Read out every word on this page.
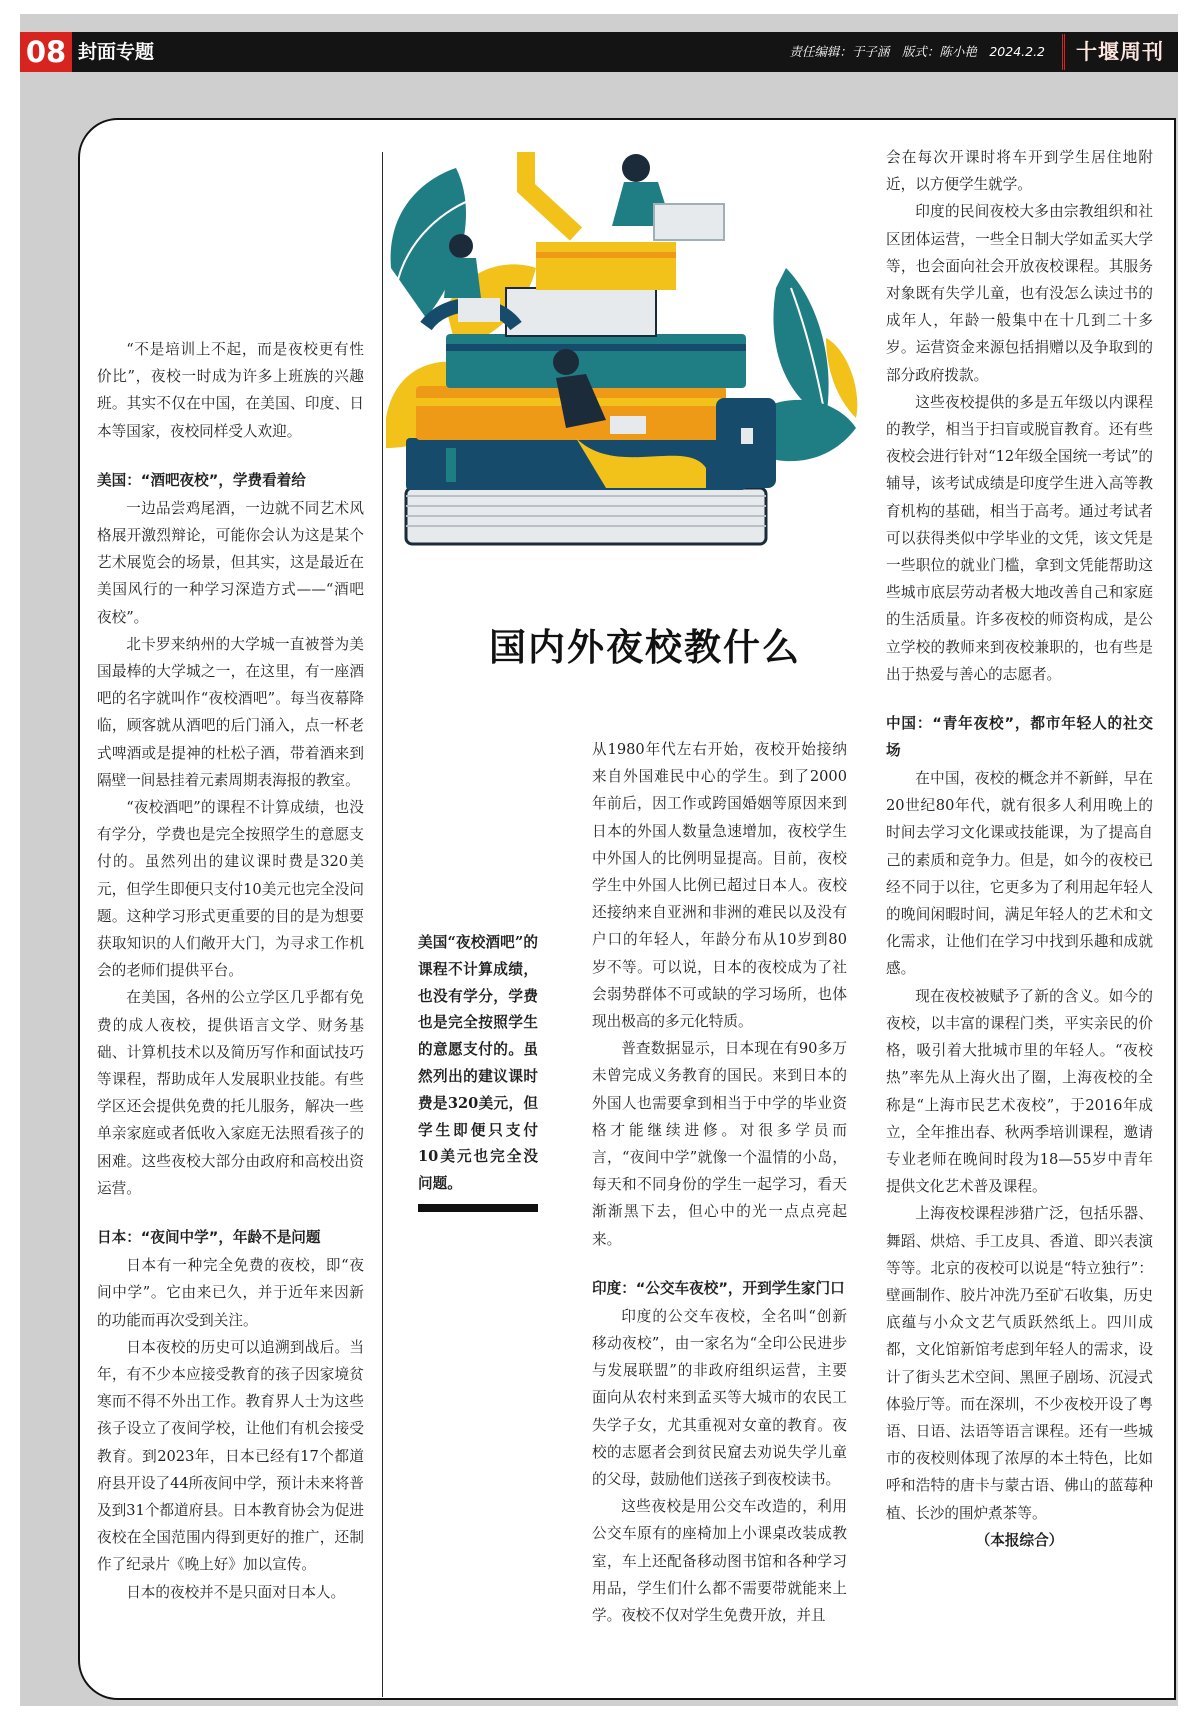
08 封面专题	责任编辑：于子涵　版式：陈小艳　2024.2.2	十堰周刊

“不是培训上不起，而是夜校更有性价比”，夜校一时成为许多上班族的兴趣班。其实不仅在中国，在美国、印度、日本等国家，夜校同样受人欢迎。

美国：“酒吧夜校”，学费看着给

一边品尝鸡尾酒，一边就不同艺术风格展开激烈辩论，可能你会认为这是某个艺术展览会的场景，但其实，这是最近在美国风行的一种学习深造方式——“酒吧夜校”。

北卡罗来纳州的大学城一直被誉为美国最棒的大学城之一，在这里，有一座酒吧的名字就叫作“夜校酒吧”。每当夜幕降临，顾客就从酒吧的后门涌入，点一杯老式啤酒或是提神的杜松子酒，带着酒来到隔壁一间悬挂着元素周期表海报的教室。

“夜校酒吧”的课程不计算成绩，也没有学分，学费也是完全按照学生的意愿支付的。虽然列出的建议课时费是320美元，但学生即便只支付10美元也完全没问题。这种学习形式更重要的目的是为想要获取知识的人们敞开大门，为寻求工作机会的老师们提供平台。

在美国，各州的公立学区几乎都有免费的成人夜校，提供语言文学、财务基础、计算机技术以及简历写作和面试技巧等课程，帮助成年人发展职业技能。有些学区还会提供免费的托儿服务，解决一些单亲家庭或者低收入家庭无法照看孩子的困难。这些夜校大部分由政府和高校出资运营。

日本：“夜间中学”，年龄不是问题

日本有一种完全免费的夜校，即“夜间中学”。它由来已久，并于近年来因新的功能而再次受到关注。

日本夜校的历史可以追溯到战后。当年，有不少本应接受教育的孩子因家境贫寒而不得不外出工作。教育界人士为这些孩子设立了夜间学校，让他们有机会接受教育。到2023年，日本已经有17个都道府县开设了44所夜间中学，预计未来将普及到31个都道府县。日本教育协会为促进夜校在全国范围内得到更好的推广，还制作了纪录片《晚上好》加以宣传。

日本的夜校并不是只面对日本人。

国内外夜校教什么
美国“夜校酒吧”的课程不计算成绩，也没有学分，学费也是完全按照学生的意愿支付的。虽然列出的建议课时费是320美元，但学生即便只支付10美元也完全没问题。

从1980年代左右开始，夜校开始接纳来自外国难民中心的学生。到了2000年前后，因工作或跨国婚姻等原因来到日本的外国人数量急速增加，夜校学生中外国人的比例明显提高。目前，夜校学生中外国人比例已超过日本人。夜校还接纳来自亚洲和非洲的难民以及没有户口的年轻人，年龄分布从10岁到80岁不等。可以说，日本的夜校成为了社会弱势群体不可或缺的学习场所，也体现出极高的多元化特质。

普查数据显示，日本现在有90多万未曾完成义务教育的国民。来到日本的外国人也需要拿到相当于中学的毕业资格才能继续进修。对很多学员而言，“夜间中学”就像一个温情的小岛，每天和不同身份的学生一起学习，看天渐渐黑下去，但心中的光一点点亮起来。

印度：“公交车夜校”，开到学生家门口

印度的公交车夜校，全名叫“创新移动夜校”，由一家名为“全印公民进步与发展联盟”的非政府组织运营，主要面向从农村来到孟买等大城市的农民工失学子女，尤其重视对女童的教育。夜校的志愿者会到贫民窟去劝说失学儿童的父母，鼓励他们送孩子到夜校读书。

这些夜校是用公交车改造的，利用公交车原有的座椅加上小课桌改装成教室，车上还配备移动图书馆和各种学习用品，学生们什么都不需要带就能来上学。夜校不仅对学生免费开放，并且

会在每次开课时将车开到学生居住地附近，以方便学生就学。

印度的民间夜校大多由宗教组织和社区团体运营，一些全日制大学如孟买大学等，也会面向社会开放夜校课程。其服务对象既有失学儿童，也有没怎么读过书的成年人，年龄一般集中在十几到二十多岁。运营资金来源包括捐赠以及争取到的部分政府拨款。

这些夜校提供的多是五年级以内课程的教学，相当于扫盲或脱盲教育。还有些夜校会进行针对“12年级全国统一考试”的辅导，该考试成绩是印度学生进入高等教育机构的基础，相当于高考。通过考试者可以获得类似中学毕业的文凭，该文凭是一些职位的就业门槛，拿到文凭能帮助这些城市底层劳动者极大地改善自己和家庭的生活质量。许多夜校的师资构成，是公立学校的教师来到夜校兼职的，也有些是出于热爱与善心的志愿者。

中国：“青年夜校”，都市年轻人的社交场

在中国，夜校的概念并不新鲜，早在20世纪80年代，就有很多人利用晚上的时间去学习文化课或技能课，为了提高自己的素质和竞争力。但是，如今的夜校已经不同于以往，它更多为了利用起年轻人的晚间闲暇时间，满足年轻人的艺术和文化需求，让他们在学习中找到乐趣和成就感。

现在夜校被赋予了新的含义。如今的夜校，以丰富的课程门类，平实亲民的价格，吸引着大批城市里的年轻人。“夜校热”率先从上海火出了圈，上海夜校的全称是“上海市民艺术夜校”，于2016年成立，全年推出春、秋两季培训课程，邀请专业老师在晚间时段为18—55岁中青年提供文化艺术普及课程。

上海夜校课程涉猎广泛，包括乐器、舞蹈、烘焙、手工皮具、香道、即兴表演等等。北京的夜校可以说是“特立独行”：壁画制作、胶片冲洗乃至矿石收集，历史底蕴与小众文艺气质跃然纸上。四川成都，文化馆新馆考虑到年轻人的需求，设计了街头艺术空间、黑匣子剧场、沉浸式体验厅等。而在深圳，不少夜校开设了粤语、日语、法语等语言课程。还有一些城市的夜校则体现了浓厚的本土特色，比如呼和浩特的唐卡与蒙古语、佛山的蓝莓种植、长沙的围炉煮茶等。

（本报综合）
